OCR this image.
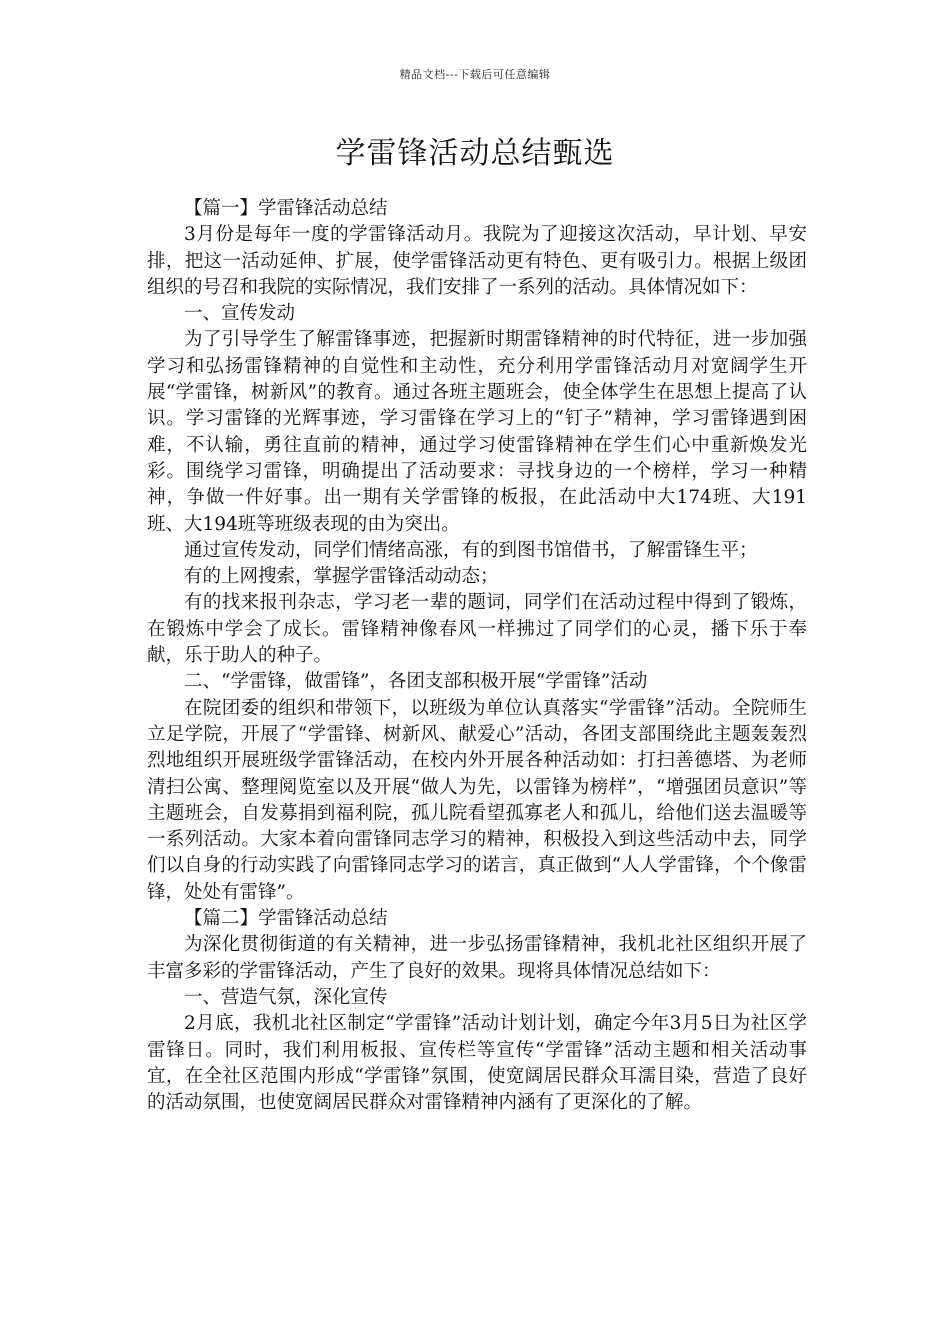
精品文档---下载后可任意编辑
学雷锋活动总结甄选

【篇一】学雷锋活动总结

3月份是每年一度的学雷锋活动月。我院为了迎接这次活动，早计划、早安排，把这一活动延伸、扩展，使学雷锋活动更有特色、更有吸引力。根据上级团组织的号召和我院的实际情况，我们安排了一系列的活动。具体情况如下：

一、宣传发动

为了引导学生了解雷锋事迹，把握新时期雷锋精神的时代特征，进一步加强学习和弘扬雷锋精神的自觉性和主动性，充分利用学雷锋活动月对宽阔学生开展“学雷锋，树新风”的教育。通过各班主题班会，使全体学生在思想上提高了认识。学习雷锋的光辉事迹，学习雷锋在学习上的“钉子”精神，学习雷锋遇到困难，不认输，勇往直前的精神，通过学习使雷锋精神在学生们心中重新焕发光彩。围绕学习雷锋，明确提出了活动要求：寻找身边的一个榜样，学习一种精神，争做一件好事。出一期有关学雷锋的板报，在此活动中大174班、大191班、大194班等班级表现的由为突出。

通过宣传发动，同学们情绪高涨，有的到图书馆借书，了解雷锋生平；

有的上网搜索，掌握学雷锋活动动态；

有的找来报刊杂志，学习老一辈的题词，同学们在活动过程中得到了锻炼，在锻炼中学会了成长。雷锋精神像春风一样拂过了同学们的心灵，播下乐于奉献，乐于助人的种子。

二、“学雷锋，做雷锋”，各团支部积极开展“学雷锋”活动

在院团委的组织和带领下，以班级为单位认真落实“学雷锋”活动。全院师生立足学院，开展了“学雷锋、树新风、献爱心”活动，各团支部围绕此主题轰轰烈烈地组织开展班级学雷锋活动，在校内外开展各种活动如：打扫善德塔、为老师清扫公寓、整理阅览室以及开展“做人为先，以雷锋为榜样”，“增强团员意识”等主题班会，自发募捐到福利院，孤儿院看望孤寡老人和孤儿，给他们送去温暖等一系列活动。大家本着向雷锋同志学习的精神，积极投入到这些活动中去，同学们以自身的行动实践了向雷锋同志学习的诺言，真正做到“人人学雷锋，个个像雷锋，处处有雷锋”。

【篇二】学雷锋活动总结

为深化贯彻街道的有关精神，进一步弘扬雷锋精神，我机北社区组织开展了丰富多彩的学雷锋活动，产生了良好的效果。现将具体情况总结如下：

一、营造气氛，深化宣传

2月底，我机北社区制定“学雷锋”活动计划计划，确定今年3月5日为社区学雷锋日。同时，我们利用板报、宣传栏等宣传“学雷锋”活动主题和相关活动事宜，在全社区范围内形成“学雷锋”氛围，使宽阔居民群众耳濡目染，营造了良好的活动氛围，也使宽阔居民群众对雷锋精神内涵有了更深化的了解。
